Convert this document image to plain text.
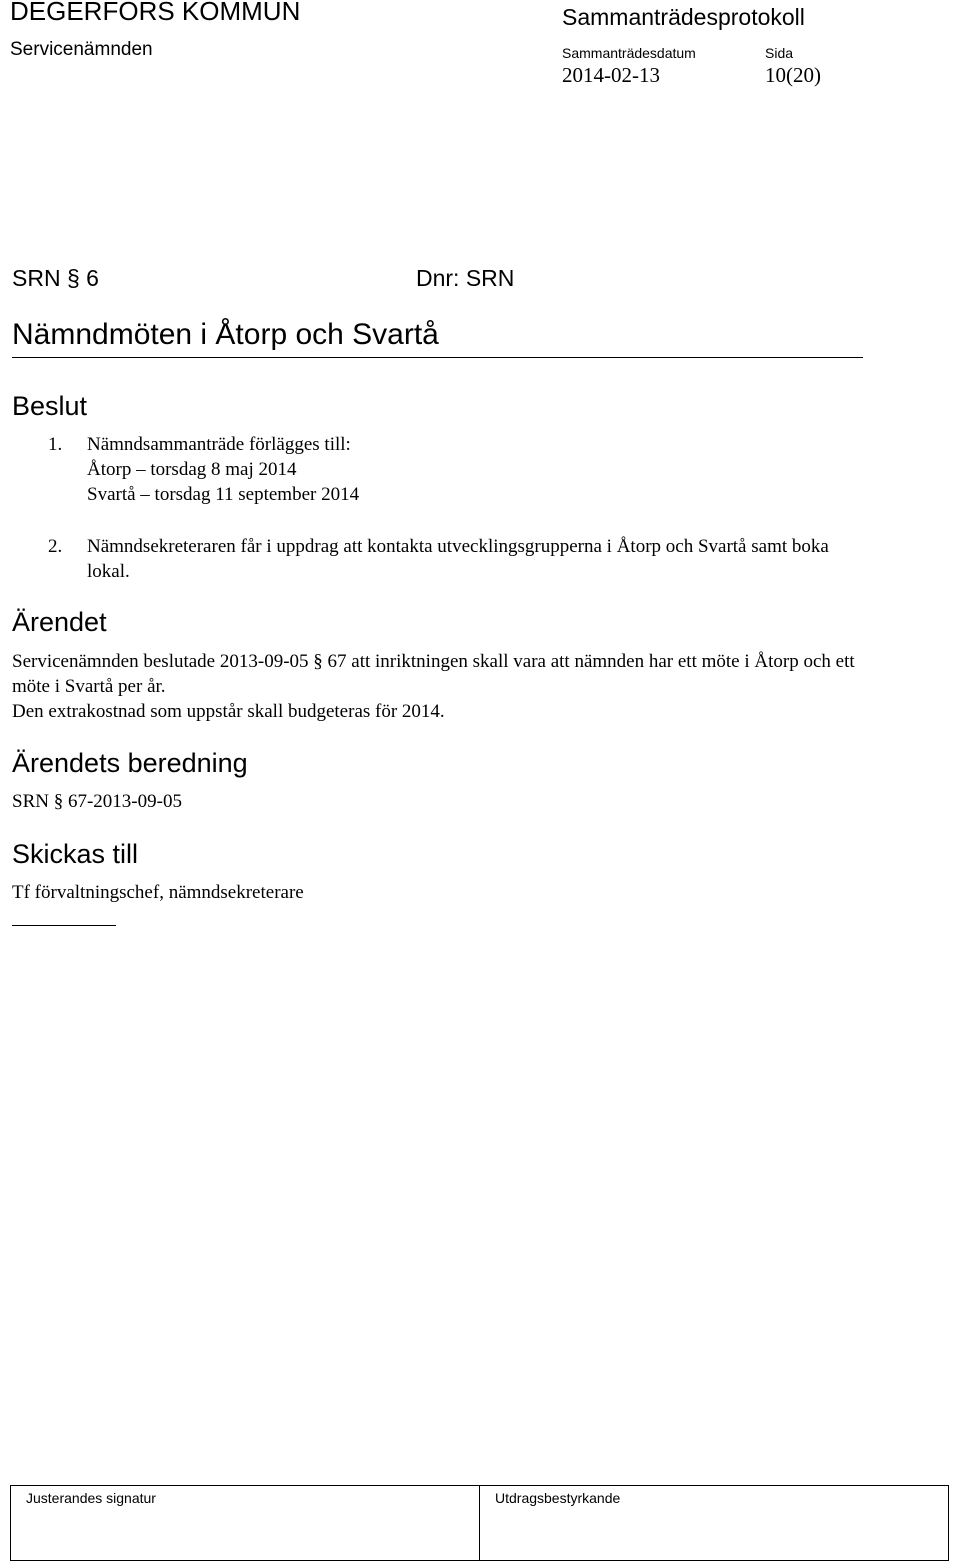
DEGERFORS KOMMUN
Servicenämnden
Sammanträdesprotokoll
Sammanträdesdatum	Sida
2014-02-13	10(20)
SRN § 6	Dnr: SRN
Nämndmöten i Åtorp och Svartå
Beslut
1. Nämndsammanträde förlägges till:
Åtorp – torsdag 8 maj 2014
Svartå – torsdag 11 september 2014
2. Nämndsekreteraren får i uppdrag att kontakta utvecklingsgrupperna i Åtorp och Svartå samt boka lokal.
Ärendet
Servicenämnden beslutade 2013-09-05 § 67 att inriktningen skall vara att nämnden har ett möte i Åtorp och ett möte i Svartå per år.
Den extrakostnad som uppstår skall budgeteras för 2014.
Ärendets beredning
SRN § 67-2013-09-05
Skickas till
Tf förvaltningschef, nämndsekreterare
Justerandes signatur	Utdragsbestyrkande
